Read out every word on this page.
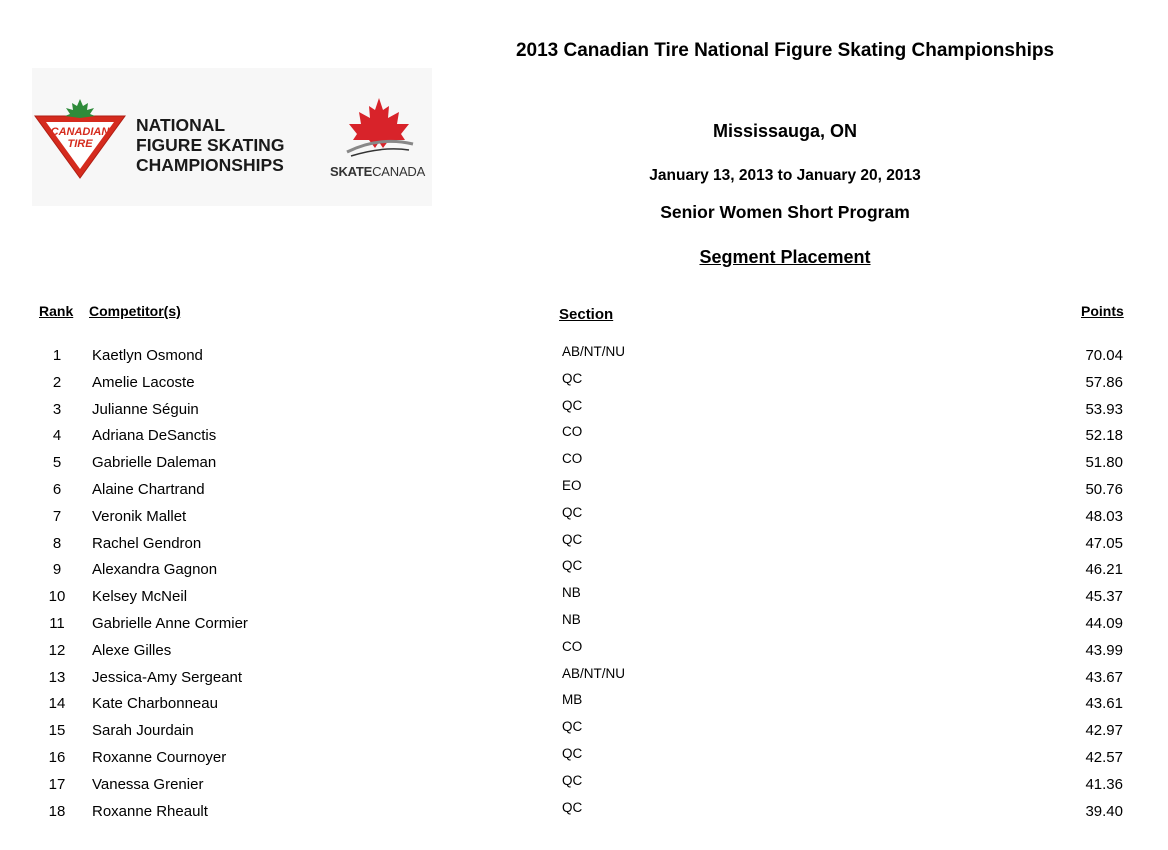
2013 Canadian Tire National Figure Skating Championships
CANADIAN
TIRE
NATIONAL
FIGURE SKATING
CHAMPIONSHIPS	SKATECANADA
Mississauga, ON
January 13, 2013 to January 20, 2013
Senior Women Short Program
Segment Placement
Rank Competitor(s)	Section	Points
1	Kaetlyn Osmond	AB/NT/NU	70.04
2	Amelie Lacoste	QC	57.86
3	Julianne Séguin	QC	53.93
4	Adriana DeSanctis	CO	52.18
5	Gabrielle Daleman	CO	51.80
6	Alaine Chartrand	EO	50.76
7	Veronik Mallet	QC	48.03
8	Rachel Gendron	QC	47.05
9	Alexandra Gagnon	QC	46.21
10	Kelsey McNeil	NB	45.37
11	Gabrielle Anne Cormier	NB	44.09
12	Alexe Gilles	CO	43.99
13	Jessica-Amy Sergeant	AB/NT/NU	43.67
14	Kate Charbonneau	MB	43.61
15	Sarah Jourdain	QC	42.97
16	Roxanne Cournoyer	QC	42.57
17	Vanessa Grenier	QC	41.36
18	Roxanne Rheault	QC	39.40
